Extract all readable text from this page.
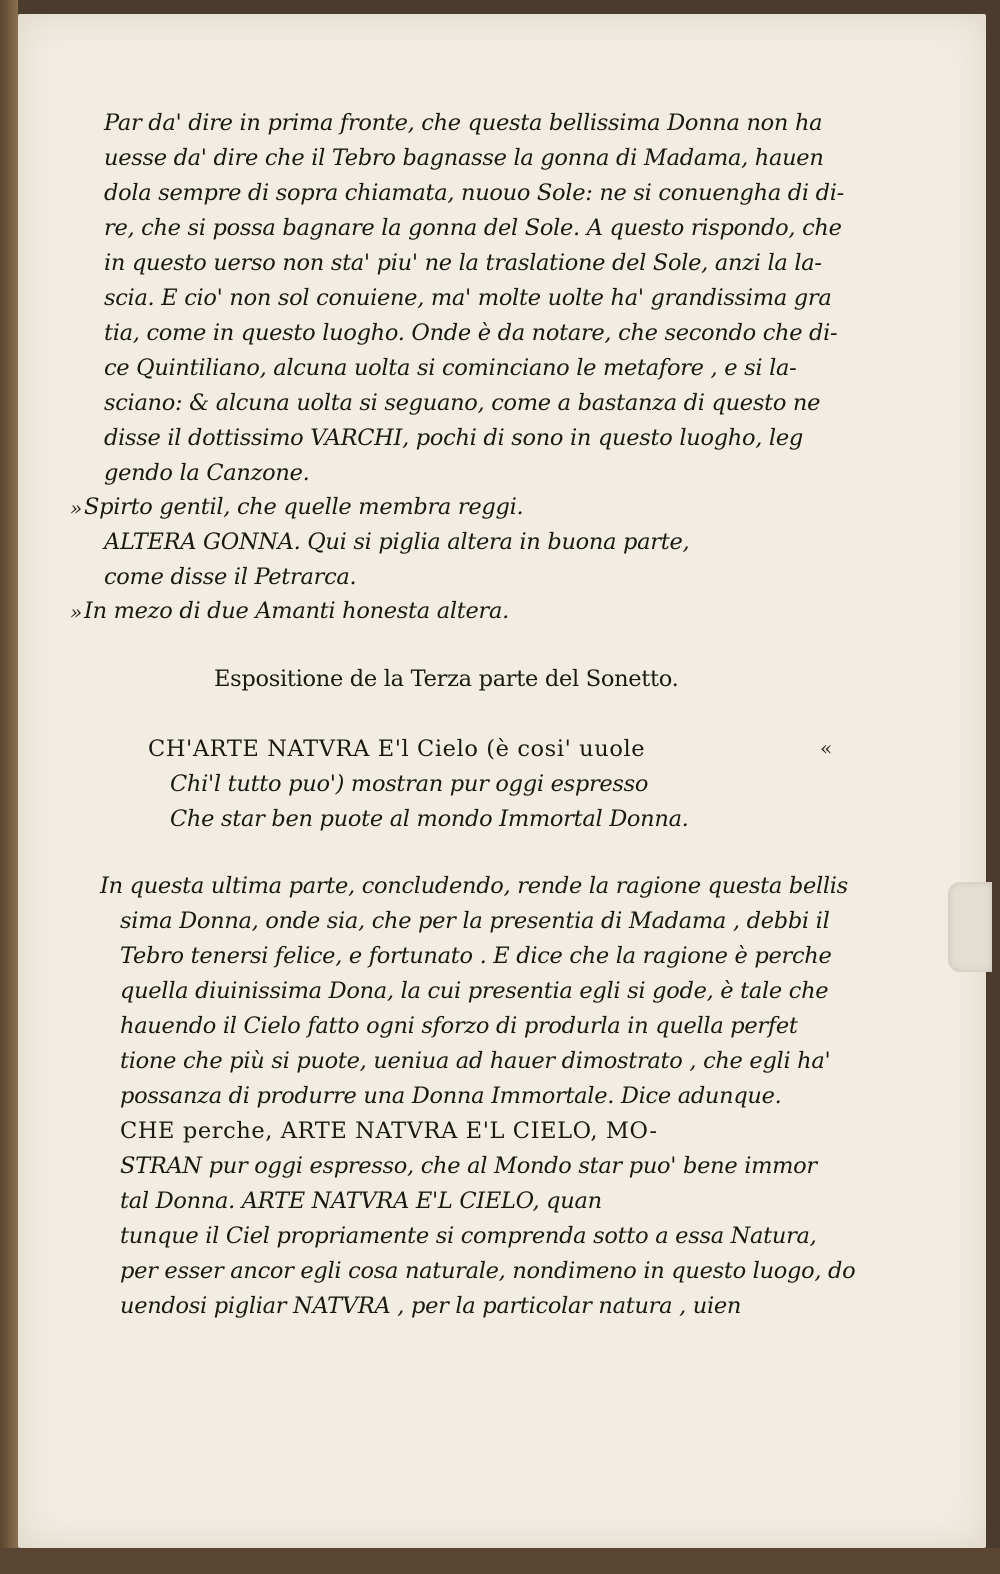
Par da' dire in prima fronte, che questa bellissima Donna non ha
uesse da' dire che il Tebro bagnasse la gonna di Madama, hauen
dola sempre di sopra chiamata, nuouo Sole: ne si conuengha di di-
re, che si possa bagnare la gonna del Sole. A questo rispondo, che
in questo uerso non sta' piu' ne la traslatione del Sole, anzi la la-
scia. E cio' non sol conuiene, ma' molte uolte ha' grandissima gra
tia, come in questo luogho. Onde è da notare, che secondo che di-
ce Quintiliano, alcuna uolta si cominciano le metafore , e si la-
sciano: & alcuna uolta si seguano, come a bastanza di questo ne
disse il dottissimo VARCHI, pochi di sono in questo luogho, leg
gendo la Canzone.
» Spirto gentil, che quelle membra reggi.
ALTERA GONNA. Qui si piglia altera in buona parte,
come disse il Petrarca.
» In mezo di due Amanti honesta altera.
Espositione de la Terza parte del Sonetto.
CH'ARTE NATVRA E'l Cielo (è cosi' uuole	«
Chi'l tutto puo') mostran pur oggi espresso
Che star ben puote al mondo Immortal Donna.
In questa ultima parte, concludendo, rende la ragione questa bellis
sima Donna, onde sia, che per la presentia di Madama , debbi il
Tebro tenersi felice, e fortunato . E dice che la ragione è perche
quella diuinissima Dona, la cui presentia egli si gode, è tale che
hauendo il Cielo fatto ogni sforzo di produrla in quella perfet
tione che più si puote, ueniua ad hauer dimostrato , che egli ha'
possanza di produrre una Donna Immortale. Dice adunque.
CHE perche, ARTE NATVRA E'L CIELO, MO-
STRAN pur oggi espresso, che al Mondo star puo' bene immor
tal Donna. ARTE NATVRA E'L CIELO, quan
tunque il Ciel propriamente si comprenda sotto a essa Natura,
per esser ancor egli cosa naturale, nondimeno in questo luogo, do
uendosi pigliar NATVRA , per la particolar natura , uien
